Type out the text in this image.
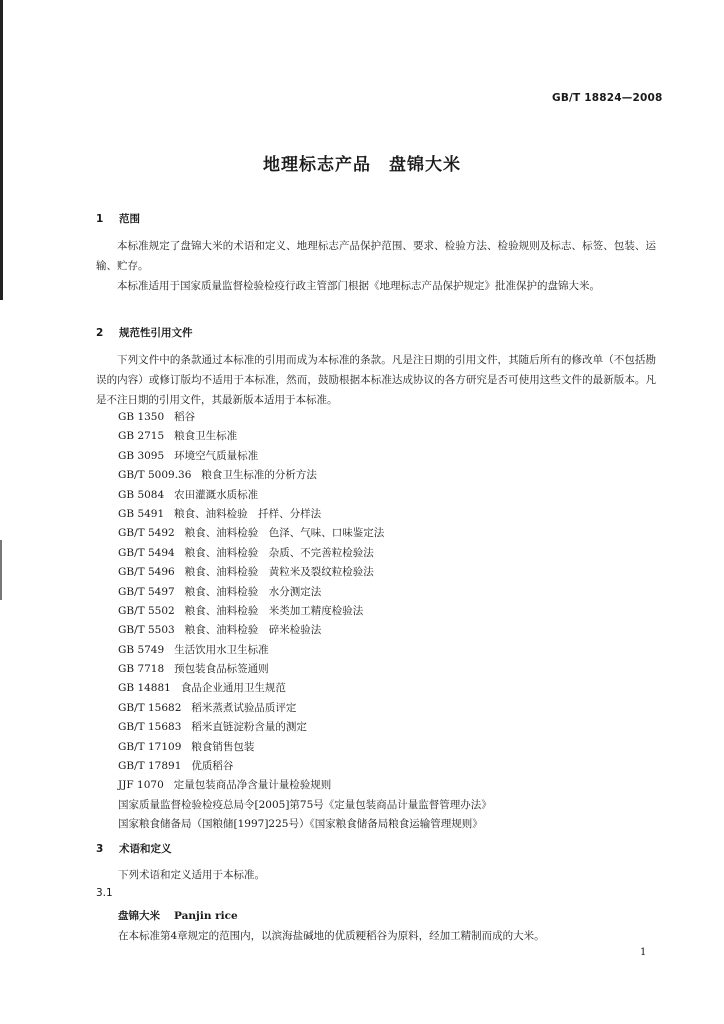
GB/T 18824—2008
地理标志产品　盘锦大米
1 范围
本标准规定了盘锦大米的术语和定义、地理标志产品保护范围、要求、检验方法、检验规则及标志、标签、包装、运输、贮存。
本标准适用于国家质量监督检验检疫行政主管部门根据《地理标志产品保护规定》批准保护的盘锦大米。
2 规范性引用文件
下列文件中的条款通过本标准的引用而成为本标准的条款。凡是注日期的引用文件，其随后所有的修改单（不包括勘误的内容）或修订版均不适用于本标准，然而，鼓励根据本标准达成协议的各方研究是否可使用这些文件的最新版本。凡是不注日期的引用文件，其最新版本适用于本标准。
GB 1350 稻谷
GB 2715 粮食卫生标准
GB 3095 环境空气质量标准
GB/T 5009.36 粮食卫生标准的分析方法
GB 5084 农田灌溉水质标准
GB 5491 粮食、油料检验　扦样、分样法
GB/T 5492 粮食、油料检验　色泽、气味、口味鉴定法
GB/T 5494 粮食、油料检验　杂质、不完善粒检验法
GB/T 5496 粮食、油料检验　黄粒米及裂纹粒检验法
GB/T 5497 粮食、油料检验　水分测定法
GB/T 5502 粮食、油料检验　米类加工精度检验法
GB/T 5503 粮食、油料检验　碎米检验法
GB 5749 生活饮用水卫生标准
GB 7718 预包装食品标签通则
GB 14881 食品企业通用卫生规范
GB/T 15682 稻米蒸煮试验品质评定
GB/T 15683 稻米直链淀粉含量的测定
GB/T 17109 粮食销售包装
GB/T 17891 优质稻谷
JJF 1070 定量包装商品净含量计量检验规则
国家质量监督检验检疫总局令[2005]第75号《定量包装商品计量监督管理办法》
国家粮食储备局（国粮储[1997]225号）《国家粮食储备局粮食运输管理规则》
3 术语和定义
下列术语和定义适用于本标准。
3.1
盘锦大米 Panjin rice
在本标准第4章规定的范围内，以滨海盐碱地的优质粳稻谷为原料，经加工精制而成的大米。
1
